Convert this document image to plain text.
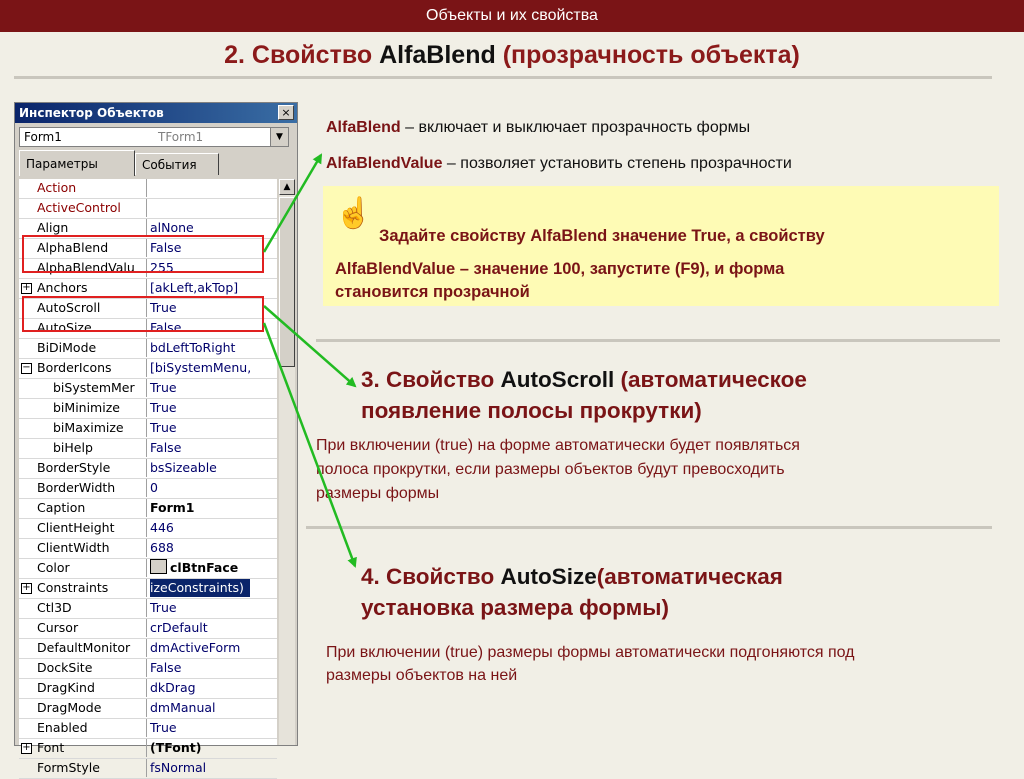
Объекты и их свойства
2. Свойство AlfaBlend (прозрачность объекта)
Инспектор Объектов	×
Form1	TForm1	▼
Параметры	События
Action
ActiveControl
Align	alNone
AlphaBlend	False
AlphaBlendValu	255
+ Anchors	[akLeft,akTop]
AutoScroll	True
AutoSize	False
BiDiMode	bdLeftToRight
− BorderIcons	[biSystemMenu,
biSystemMer	True
biMinimize	True
biMaximize	True
biHelp	False
BorderStyle	bsSizeable
BorderWidth	0
Caption	Form1
ClientHeight	446
ClientWidth	688
Color	clBtnFace
+ Constraints	izeConstraints)
Ctl3D	True
Cursor	crDefault
DefaultMonitor	dmActiveForm
DockSite	False
DragKind	dkDrag
DragMode	dmManual
Enabled	True
+ Font	(TFont)
FormStyle	fsNormal
▲
AlfaBlend – включает и выключает прозрачность формы
AlfaBlendValue – позволяет установить степень прозрачности
☝
Задайте свойству AlfaBlend значение True, а свойству
AlfaBlendValue – значение 100, запустите (F9), и форма
становится прозрачной
3. Свойство AutoScroll (автоматическое
появление полосы прокрутки)
При включении (true) на форме автоматически будет появляться
полоса прокрутки, если размеры объектов будут превосходить
размеры формы
4. Свойство AutoSize(автоматическая
установка размера формы)
При включении (true) размеры формы автоматически подгоняются под
размеры объектов на ней
